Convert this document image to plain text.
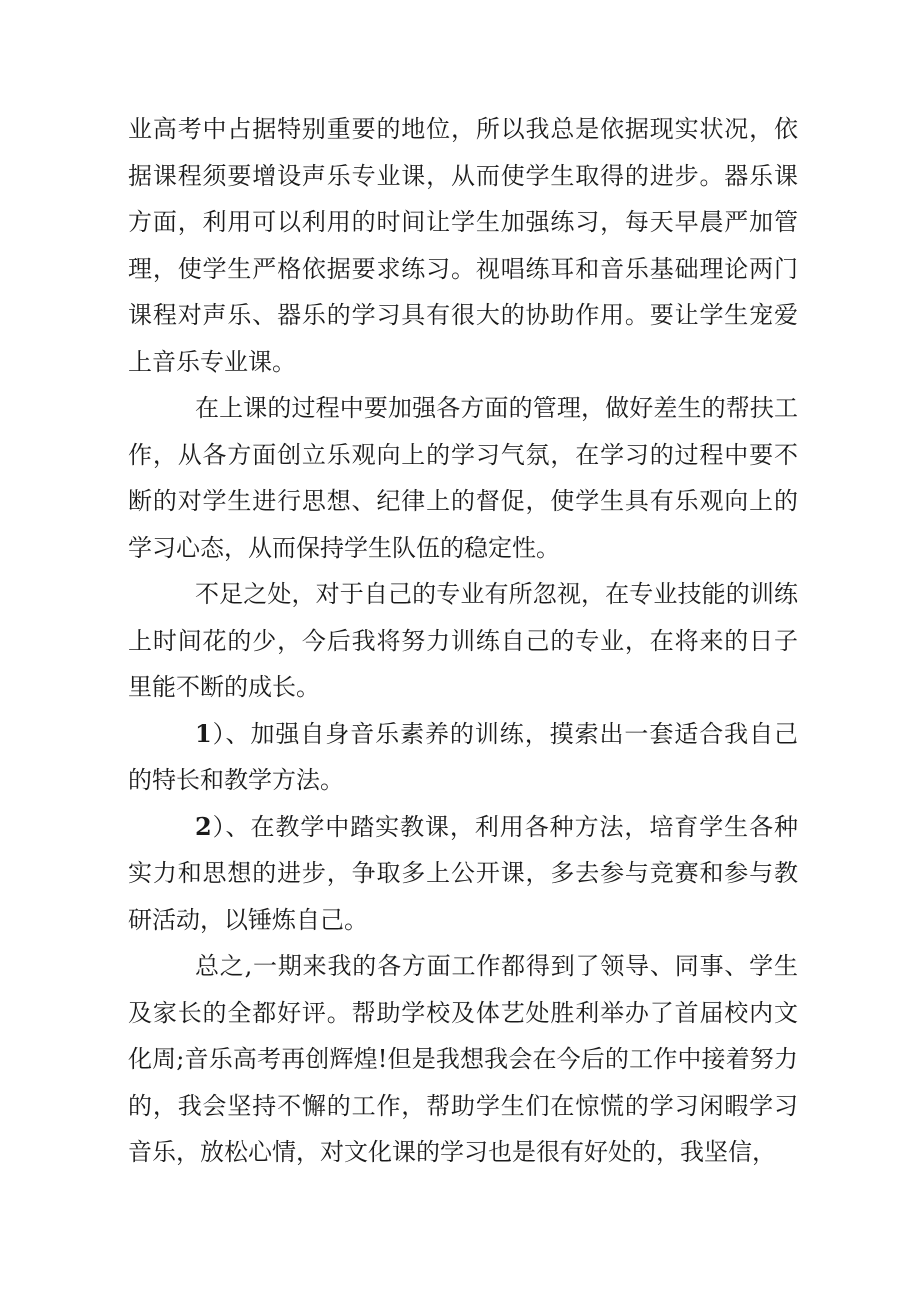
业高考中占据特别重要的地位，所以我总是依据现实状况，依据课程须要增设声乐专业课，从而使学生取得的进步。器乐课方面，利用可以利用的时间让学生加强练习，每天早晨严加管理，使学生严格依据要求练习。视唱练耳和音乐基础理论两门课程对声乐、器乐的学习具有很大的协助作用。要让学生宠爱上音乐专业课。

在上课的过程中要加强各方面的管理，做好差生的帮扶工作，从各方面创立乐观向上的学习气氛，在学习的过程中要不断的对学生进行思想、纪律上的督促，使学生具有乐观向上的学习心态，从而保持学生队伍的稳定性。

不足之处，对于自己的专业有所忽视，在专业技能的训练上时间花的少，今后我将努力训练自己的专业，在将来的日子里能不断的成长。

1）、加强自身音乐素养的训练，摸索出一套适合我自己的特长和教学方法。

2）、在教学中踏实教课，利用各种方法，培育学生各种实力和思想的进步，争取多上公开课，多去参与竞赛和参与教研活动，以锤炼自己。

总之,一期来我的各方面工作都得到了领导、同事、学生及家长的全都好评。帮助学校及体艺处胜利举办了首届校内文化周;音乐高考再创辉煌!但是我想我会在今后的工作中接着努力的，我会坚持不懈的工作，帮助学生们在惊慌的学习闲暇学习音乐，放松心情，对文化课的学习也是很有好处的，我坚信，
